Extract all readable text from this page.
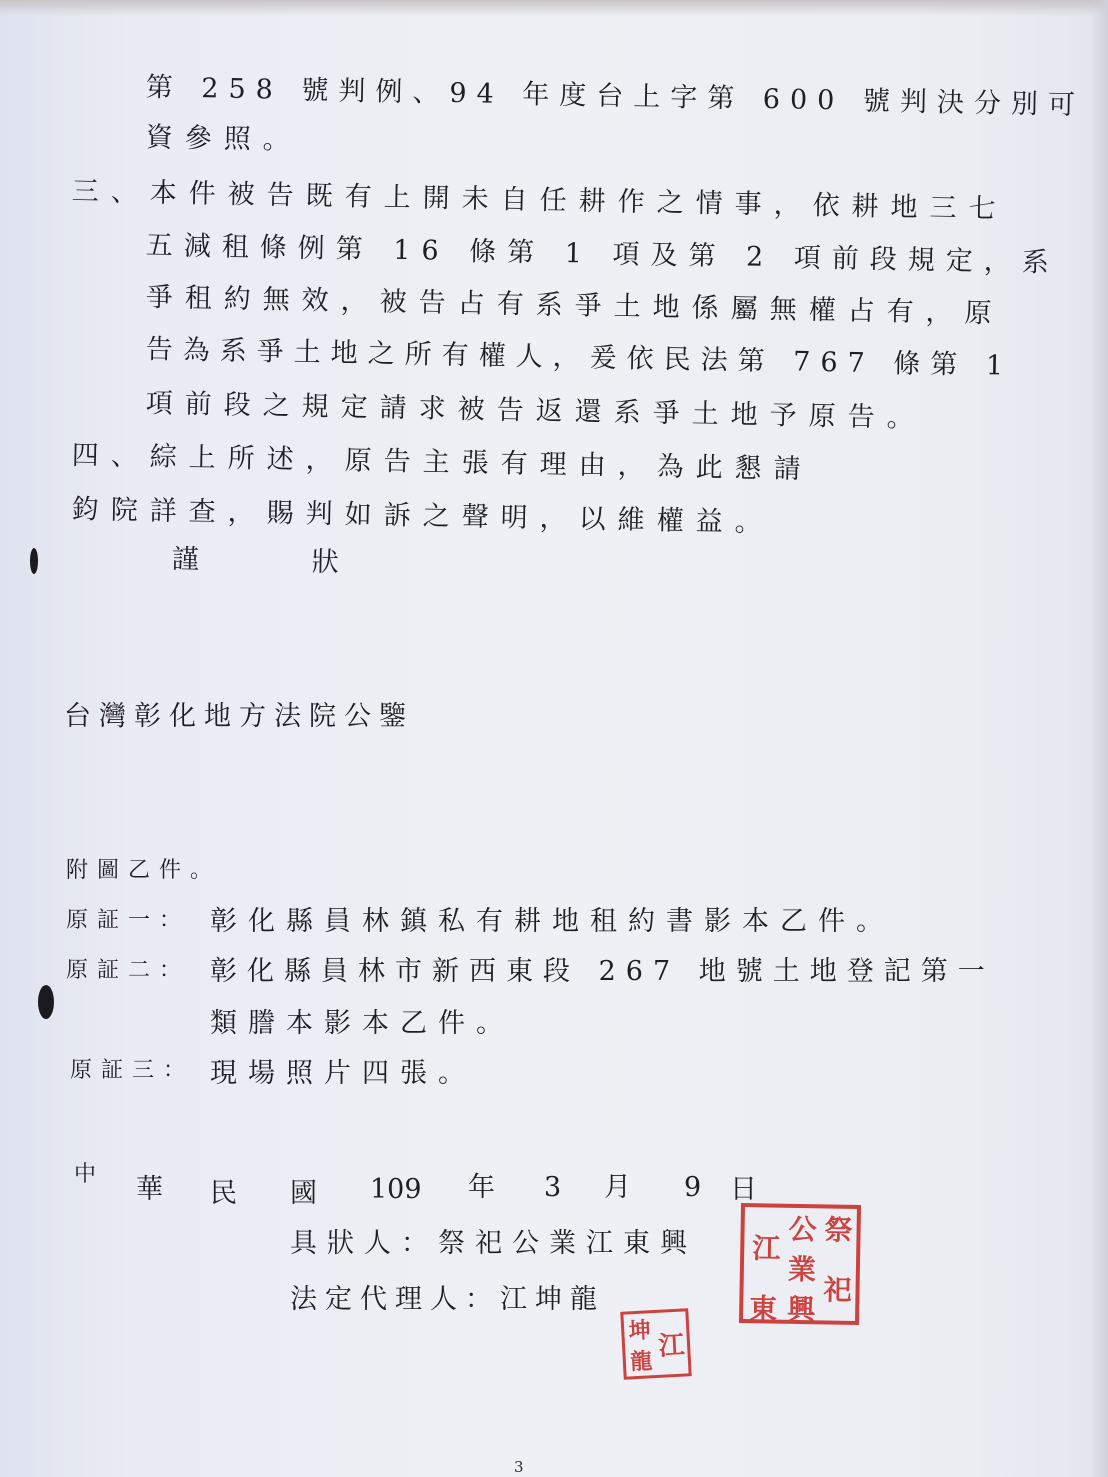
第 258 號判例、94 年度台上字第 600 號判決分別可
資參照。
三、本件被告既有上開未自任耕作之情事，依耕地三七
五減租條例第 16 條第 1 項及第 2 項前段規定，系
爭租約無效，被告占有系爭土地係屬無權占有，原
告為系爭土地之所有權人，爰依民法第 767 條第 1
項前段之規定請求被告返還系爭土地予原告。
四、綜上所述，原告主張有理由，為此懇請
鈞院詳查，賜判如訴之聲明，以維權益。
謹　　　狀
台灣彰化地方法院公鑒
附圖乙件。
原証一： 彰化縣員林鎮私有耕地租約書影本乙件。
原証二： 彰化縣員林市新西東段 267 地號土地登記第一
類謄本影本乙件。
原証三： 現場照片四張。
中 華 民 國 109 年 3 月 9 日
具狀人：祭祀公業江東興
法定代理人：江坤龍
江
公 祭
業
祀
東 興
坤 江
龍
3
